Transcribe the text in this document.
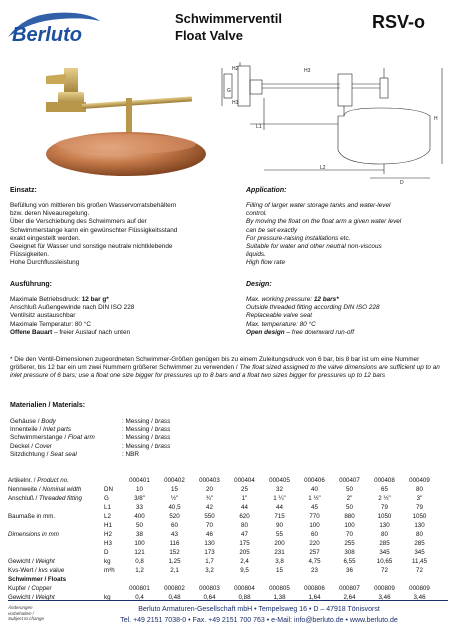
Berluto
Schwimmerventil
Float Valve
RSV-o
H2
G
H1
H3
L1
L2
H
D
Einsatz:	Application:
Befüllung von mittleren bis großen Wasservorratsbehältern
bzw. deren Niveauregelung.
Über die Verschiebung des Schwimmers auf der
Schwimmerstange kann ein gewünschter Flüssigkeitsstand
exakt eingestellt werden.
Geeignet für Wasser und sonstige neutrale nichtklebende
Flüssigkeiten.
Hohe Durchflussleistung
Filling of larger water storage tanks and water-level
control.
By moving the float on the float arm a given water level
can be set exactly
For pressure-raising installations etc.
Suitable for water and other neutral non-viscous
liquids.
High flow rate
Ausführung:	Design:
Maximale Betriebsdruck: 12 bar g*
Anschluß Außengewinde nach DIN ISO 228
Ventilsitz austauschbar
Maximale Temperatur: 80 °C
Offene Bauart – freier Auslauf nach unten
Max. working pressure: 12 bars*
Outside threaded fitting according DIN ISO 228
Replaceable valve seat
Max. temperature: 80 °C
Open design – free downward run-off
* Die den Ventil-Dimensionen zugeordneten Schwimmer-Größen genügen bis zu einem Zuleitungsdruck von 6 bar, bis 8 bar ist um eine Nummer größerer, bis 12 bar ein um zwei Nummern größerer Schwimmer zu verwenden / The float sized assigned to the valve dimensions are sufficient up to an inlet pressure of 6 bars; use a float one size bigger for pressures up to 8 bars and a float two sizes bigger for pressures up to 12 bars
Materialien / Materials:
Gehäuse / Body	: Messing / brass
Innenteile / Inlet parts	: Messing / brass
Schwimmerstange / Float arm	: Messing / brass
Deckel / Cover	: Messing / brass
Sitzdichtung / Seat seal	: NBR
Artikelnr. / Product no.		000401	000402	000403	000404	000405	000406	000407	000408	000409
Nennweite / Nominal width	DN	10	15	20	25	32	40	50	65	80
Anschluß / Threaded fitting	G	3/8"	½"	¾"	1"	1 ¼"	1 ½"	2"	2 ½"	3"
	L1	33	40,5	42	44	44	45	50	79	79
Baumaße in mm.	L2	400	520	550	620	715	770	880	1050	1050
	H1	50	60	70	80	90	100	100	130	130
Dimensions in mm	H2	38	43	46	47	55	60	70	80	80
	H3	100	116	130	175	200	220	255	285	285
	D	121	152	173	205	231	257	308	345	345
Gewicht / Weight	kg	0,8	1,25	1,7	2,4	3,8	4,75	6,55	10,65	11,45
Kvs-Wert / kvs value	m³h	1,2	2,1	3,2	9,5	15	23	36	72	72
Schwimmer / Floats										
Kupfer / Copper		000801	000802	000803	000804	000805	000806	000807	000809	000809
Gewicht / Weight	kg	0,4	0,48	0,64	0,88	1,38	1,64	2,64	3,46	3,46
Änderungen
vorbehalten /
Subject to change
Berluto Armaturen-Gesellschaft mbH • Tempelsweg 16 • D – 47918 Tönisvorst
Tel. +49 2151 7038-0 • Fax. +49 2151 700 763 • e-Mail: info@berluto.de • www.berluto.de
